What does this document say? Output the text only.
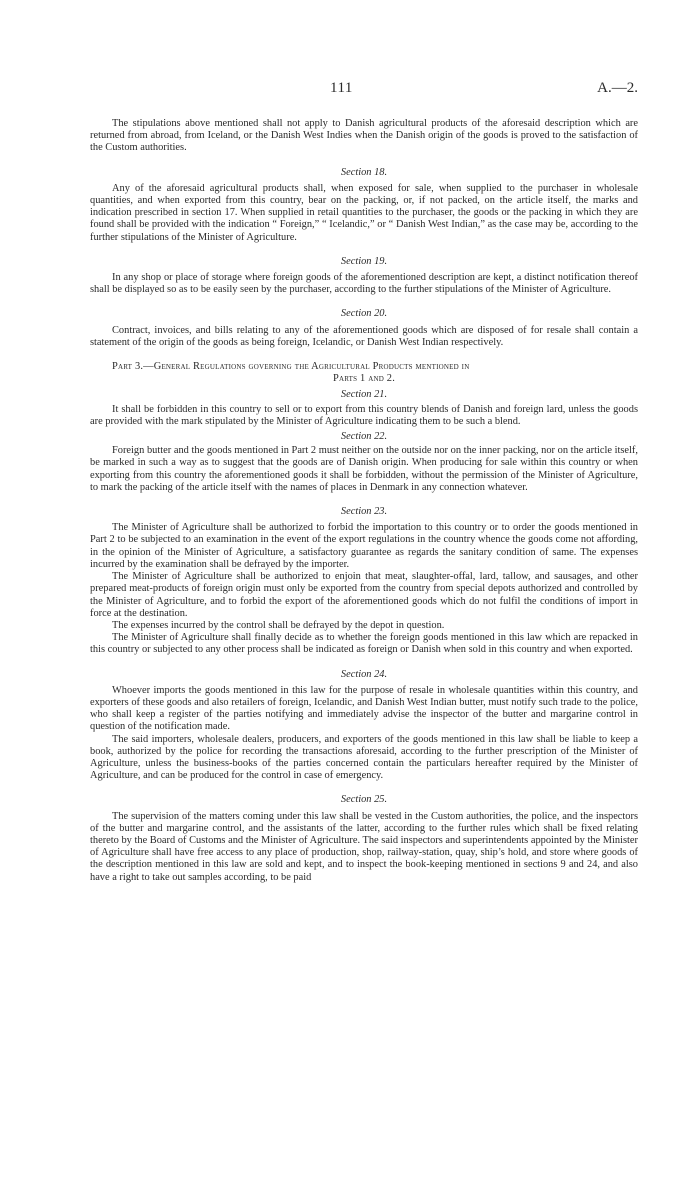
111	A.—2.

The stipulations above mentioned shall not apply to Danish agricultural products of the aforesaid description which are returned from abroad, from Iceland, or the Danish West Indies when the Danish origin of the goods is proved to the satisfaction of the Custom authorities.

Section 18.

Any of the aforesaid agricultural products shall, when exposed for sale, when supplied to the purchaser in wholesale quantities, and when exported from this country, bear on the packing, or, if not packed, on the article itself, the marks and indication prescribed in section 17. When supplied in retail quantities to the purchaser, the goods or the packing in which they are found shall be provided with the indication “ Foreign,” “ Icelandic,” or “ Danish West Indian,” as the case may be, according to the further stipulations of the Minister of Agriculture.

Section 19.

In any shop or place of storage where foreign goods of the aforementioned description are kept, a distinct notification thereof shall be displayed so as to be easily seen by the purchaser, according to the further stipulations of the Minister of Agriculture.

Section 20.

Contract, invoices, and bills relating to any of the aforementioned goods which are disposed of for resale shall contain a statement of the origin of the goods as being foreign, Icelandic, or Danish West Indian respectively.

Part 3.—General Regulations governing the Agricultural Products mentioned in
Parts 1 and 2.
Section 21.

It shall be forbidden in this country to sell or to export from this country blends of Danish and foreign lard, unless the goods are provided with the mark stipulated by the Minister of Agriculture indicating them to be such a blend.

Section 22.

Foreign butter and the goods mentioned in Part 2 must neither on the outside nor on the inner packing, nor on the article itself, be marked in such a way as to suggest that the goods are of Danish origin. When producing for sale within this country or when exporting from this country the aforementioned goods it shall be forbidden, without the permission of the Minister of Agriculture, to mark the packing of the article itself with the names of places in Denmark in any connection whatever.

Section 23.

The Minister of Agriculture shall be authorized to forbid the importation to this country or to order the goods mentioned in Part 2 to be subjected to an examination in the event of the export regulations in the country whence the goods come not affording, in the opinion of the Minister of Agriculture, a satisfactory guarantee as regards the sanitary condition of same. The expenses incurred by the examination shall be defrayed by the importer.

The Minister of Agriculture shall be authorized to enjoin that meat, slaughter-offal, lard, tallow, and sausages, and other prepared meat-products of foreign origin must only be exported from the country from special depots authorized and controlled by the Minister of Agriculture, and to forbid the export of the aforementioned goods which do not fulfil the conditions of import in force at the destination.

The expenses incurred by the control shall be defrayed by the depot in question.

The Minister of Agriculture shall finally decide as to whether the foreign goods mentioned in this law which are repacked in this country or subjected to any other process shall be indicated as foreign or Danish when sold in this country and when exported.

Section 24.

Whoever imports the goods mentioned in this law for the purpose of resale in wholesale quantities within this country, and exporters of these goods and also retailers of foreign, Icelandic, and Danish West Indian butter, must notify such trade to the police, who shall keep a register of the parties notifying and immediately advise the inspector of the butter and margarine control in question of the notification made.

The said importers, wholesale dealers, producers, and exporters of the goods mentioned in this law shall be liable to keep a book, authorized by the police for recording the transactions aforesaid, according to the further prescription of the Minister of Agriculture, unless the business-books of the parties concerned contain the particulars hereafter required by the Minister of Agriculture, and can be produced for the control in case of emergency.

Section 25.

The supervision of the matters coming under this law shall be vested in the Custom authorities, the police, and the inspectors of the butter and margarine control, and the assistants of the latter, according to the further rules which shall be fixed relating thereto by the Board of Customs and the Minister of Agriculture. The said inspectors and superintendents appointed by the Minister of Agriculture shall have free access to any place of production, shop, railway-station, quay, ship’s hold, and store where goods of the description mentioned in this law are sold and kept, and to inspect the book-keeping mentioned in sections 9 and 24, and also have a right to take out samples according, to be paid
